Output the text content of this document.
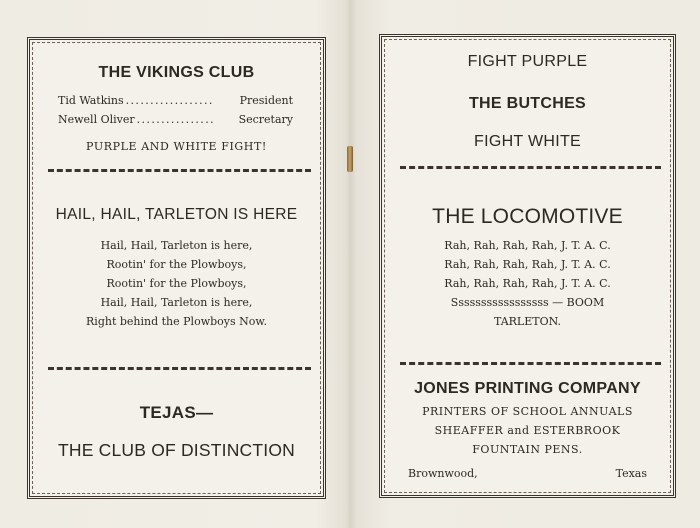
THE VIKINGS CLUB
Tid Watkins ..................	President
Newell Oliver ................	Secretary
PURPLE AND WHITE FIGHT!
HAIL, HAIL, TARLETON IS HERE

Hail, Hail, Tarleton is here,

Rootin' for the Plowboys,

Rootin' for the Plowboys,

Hail, Hail, Tarleton is here,

Right behind the Plowboys Now.

TEJAS—
THE CLUB OF DISTINCTION
FIGHT PURPLE
THE BUTCHES
FIGHT WHITE
THE LOCOMOTIVE

Rah, Rah, Rah, Rah, J. T. A. C.

Rah, Rah, Rah, Rah, J. T. A. C.

Rah, Rah, Rah, Rah, J. T. A. C.

Sssssssssssssssss — BOOM

TARLETON.

JONES PRINTING COMPANY
PRINTERS OF SCHOOL ANNUALS
SHEAFFER and ESTERBROOK
FOUNTAIN PENS.
Brownwood,	Texas
